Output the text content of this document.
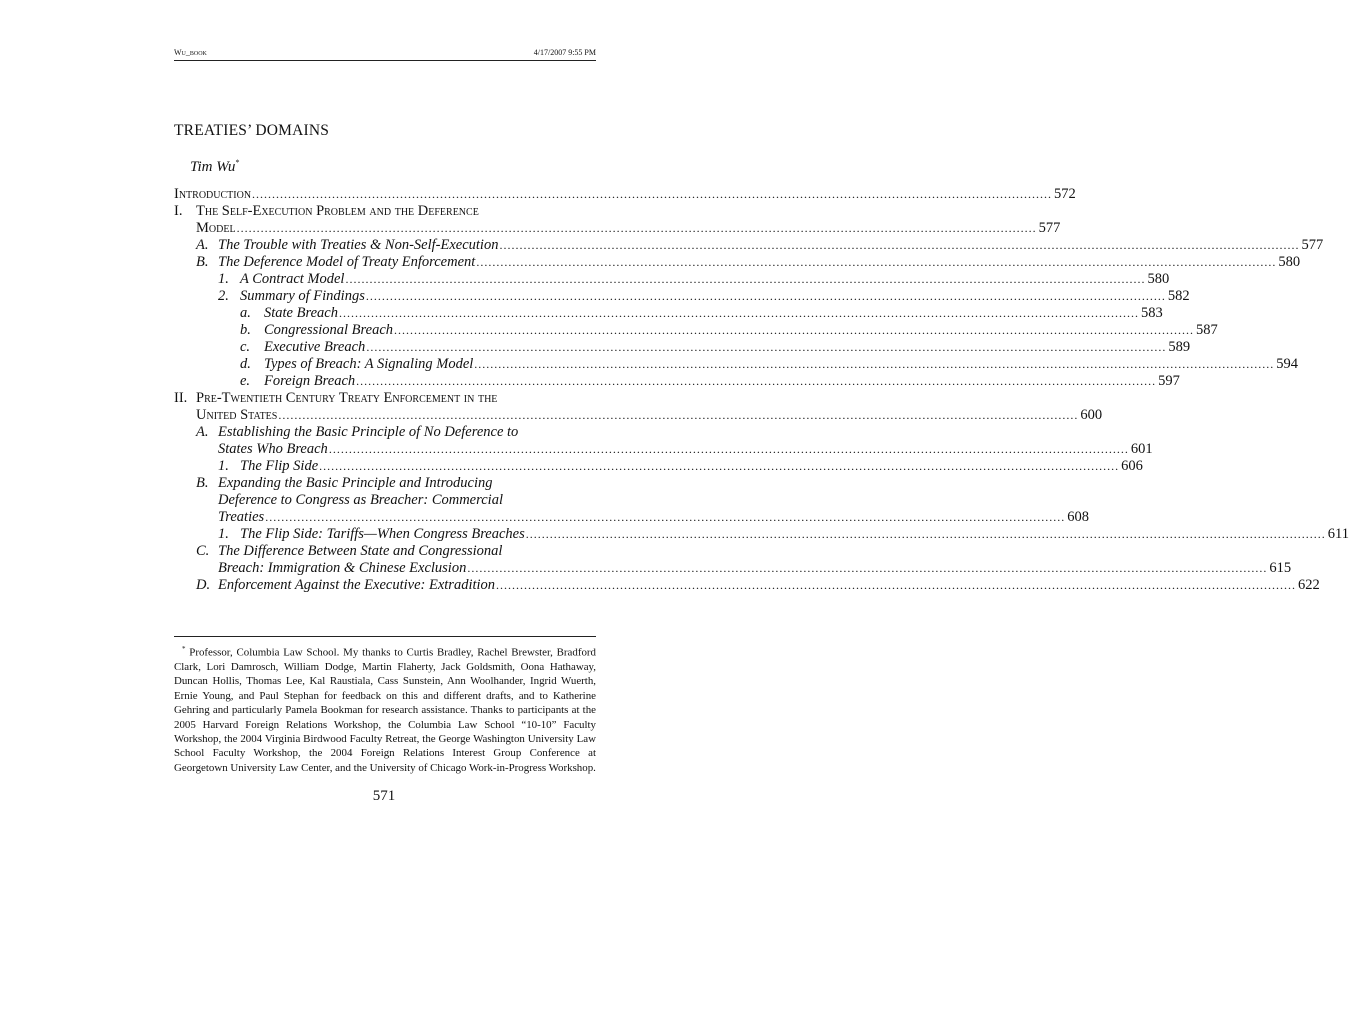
Wu_book	4/17/2007 9:55 PM
TREATIES’ DOMAINS
Tim Wu*
Introduction ........................................................................................................................................................................................................ 572
I. The Self-Execution Problem and the Deference
Model ........................................................................................................................................................................................................ 577
A. The Trouble with Treaties & Non-Self-Execution ........................................................................................................................................................................................................ 577
B. The Deference Model of Treaty Enforcement ........................................................................................................................................................................................................ 580
1. A Contract Model ........................................................................................................................................................................................................ 580
2. Summary of Findings ........................................................................................................................................................................................................ 582
a. State Breach ........................................................................................................................................................................................................ 583
b. Congressional Breach ........................................................................................................................................................................................................ 587
c. Executive Breach ........................................................................................................................................................................................................ 589
d. Types of Breach: A Signaling Model ........................................................................................................................................................................................................ 594
e. Foreign Breach ........................................................................................................................................................................................................ 597
II. Pre-Twentieth Century Treaty Enforcement in the
United States ........................................................................................................................................................................................................ 600
A. Establishing the Basic Principle of No Deference to
States Who Breach ........................................................................................................................................................................................................ 601
1. The Flip Side ........................................................................................................................................................................................................ 606
B. Expanding the Basic Principle and Introducing
Deference to Congress as Breacher: Commercial
Treaties ........................................................................................................................................................................................................ 608
1. The Flip Side: Tariffs—When Congress Breaches ........................................................................................................................................................................................................ 611
C. The Difference Between State and Congressional
Breach: Immigration & Chinese Exclusion ........................................................................................................................................................................................................ 615
D. Enforcement Against the Executive: Extradition ........................................................................................................................................................................................................ 622
* Professor, Columbia Law School. My thanks to Curtis Bradley, Rachel Brewster, Bradford Clark, Lori Damrosch, William Dodge, Martin Flaherty, Jack Goldsmith, Oona Hathaway, Duncan Hollis, Thomas Lee, Kal Raustiala, Cass Sunstein, Ann Woolhander, Ingrid Wuerth, Ernie Young, and Paul Stephan for feedback on this and different drafts, and to Katherine Gehring and particularly Pamela Bookman for research assistance. Thanks to participants at the 2005 Harvard Foreign Relations Workshop, the Columbia Law School “10-10” Faculty Workshop, the 2004 Virginia Birdwood Faculty Retreat, the George Washington University Law School Faculty Workshop, the 2004 Foreign Relations Interest Group Conference at Georgetown University Law Center, and the University of Chicago Work-in-Progress Workshop.
571
